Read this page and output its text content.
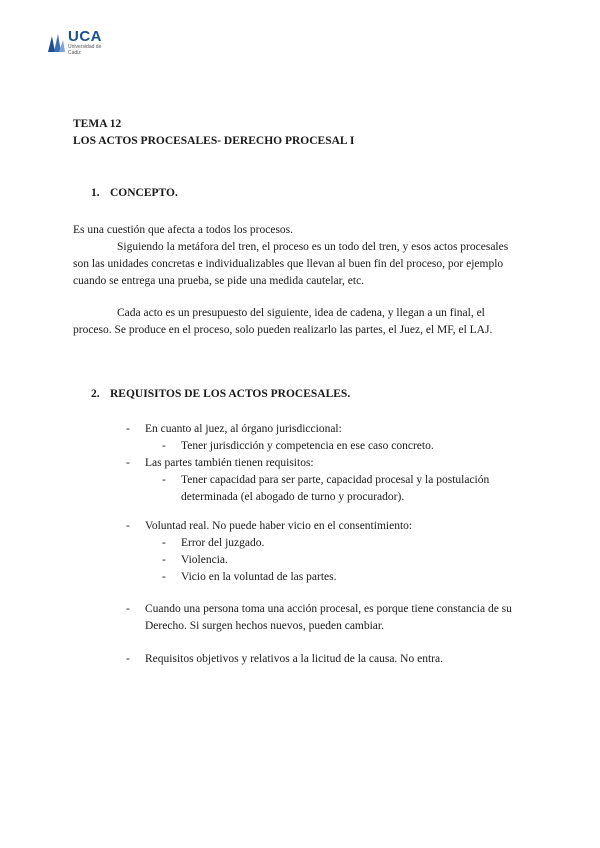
UCA
Universidad de Cádiz
TEMA 12
LOS ACTOS PROCESALES- DERECHO PROCESAL I
1. CONCEPTO.
Es una cuestión que afecta a todos los procesos.
Siguiendo la metáfora del tren, el proceso es un todo del tren, y esos actos procesales son las unidades concretas e individualizables que llevan al buen fin del proceso, por ejemplo cuando se entrega una prueba, se pide una medida cautelar, etc.
Cada acto es un presupuesto del siguiente, idea de cadena, y llegan a un final, el proceso. Se produce en el proceso, solo pueden realizarlo las partes, el Juez, el MF, el LAJ.
2. REQUISITOS DE LOS ACTOS PROCESALES.
- En cuanto al juez, al órgano jurisdiccional:
- Tener jurisdicción y competencia en ese caso concreto.
- Las partes también tienen requisitos:
- Tener capacidad para ser parte, capacidad procesal y la postulación determinada (el abogado de turno y procurador).
- Voluntad real. No puede haber vicio en el consentimiento:
- Error del juzgado.
- Violencia.
- Vicio en la voluntad de las partes.
- Cuando una persona toma una acción procesal, es porque tiene constancia de su Derecho. Si surgen hechos nuevos, pueden cambiar.
- Requisitos objetivos y relativos a la licitud de la causa. No entra.
